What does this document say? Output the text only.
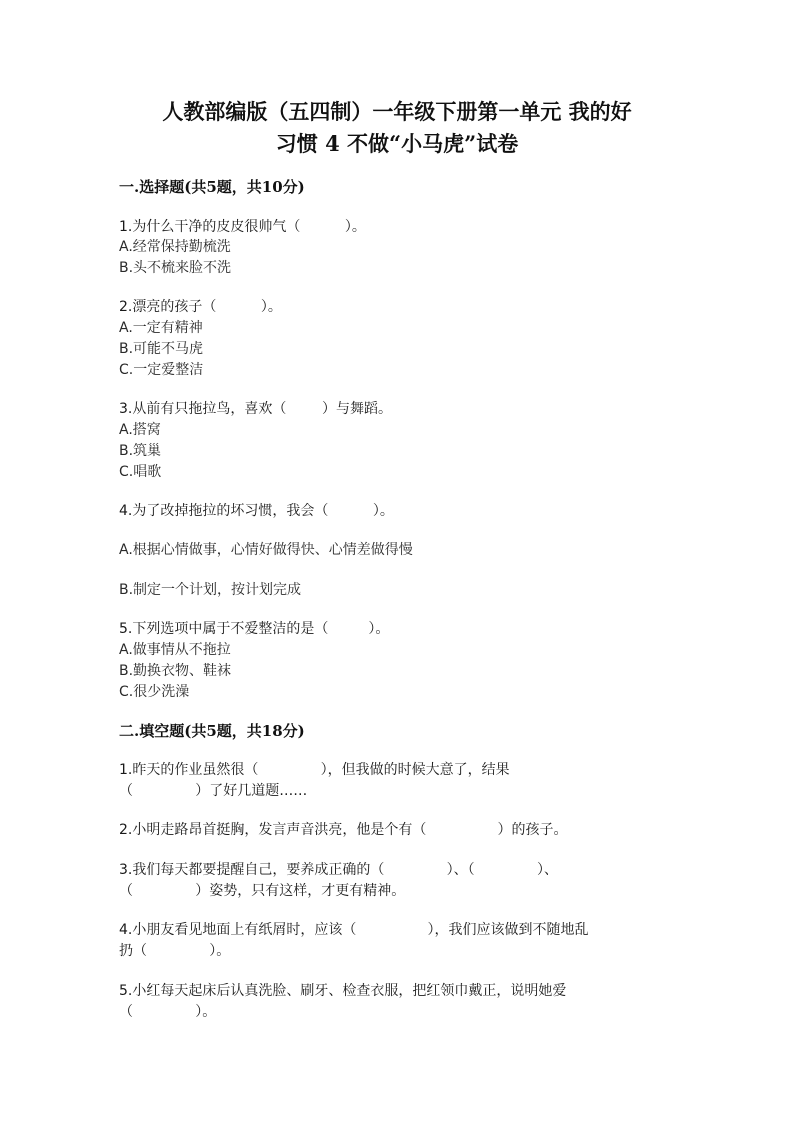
人教部编版（五四制）一年级下册第一单元 我的好
习惯 4 不做“小马虎”试卷
一.选择题(共5题，共10分)
1.为什么干净的皮皮很帅气（          ）。
A.经常保持勤梳洗
B.头不梳来脸不洗
2.漂亮的孩子（          ）。
A.一定有精神
B.可能不马虎
C.一定爱整洁
3.从前有只拖拉鸟，喜欢（        ）与舞蹈。
A.搭窝
B.筑巢
C.唱歌
4.为了改掉拖拉的坏习惯，我会（          ）。
A.根据心情做事，心情好做得快、心情差做得慢
B.制定一个计划，按计划完成
5.下列选项中属于不爱整洁的是（         ）。
A.做事情从不拖拉
B.勤换衣物、鞋袜
C.很少洗澡
二.填空题(共5题，共18分)
1.昨天的作业虽然很（              ），但我做的时候大意了，结果
（              ）了好几道题……
2.小明走路昂首挺胸，发言声音洪亮，他是个有（                ）的孩子。
3.我们每天都要提醒自己，要养成正确的（              ）、（              ）、
（              ）姿势，只有这样，才更有精神。
4.小朋友看见地面上有纸屑时，应该（                ），我们应该做到不随地乱
扔（              ）。
5.小红每天起床后认真洗脸、刷牙、检查衣服，把红领巾戴正，说明她爱
（              ）。
